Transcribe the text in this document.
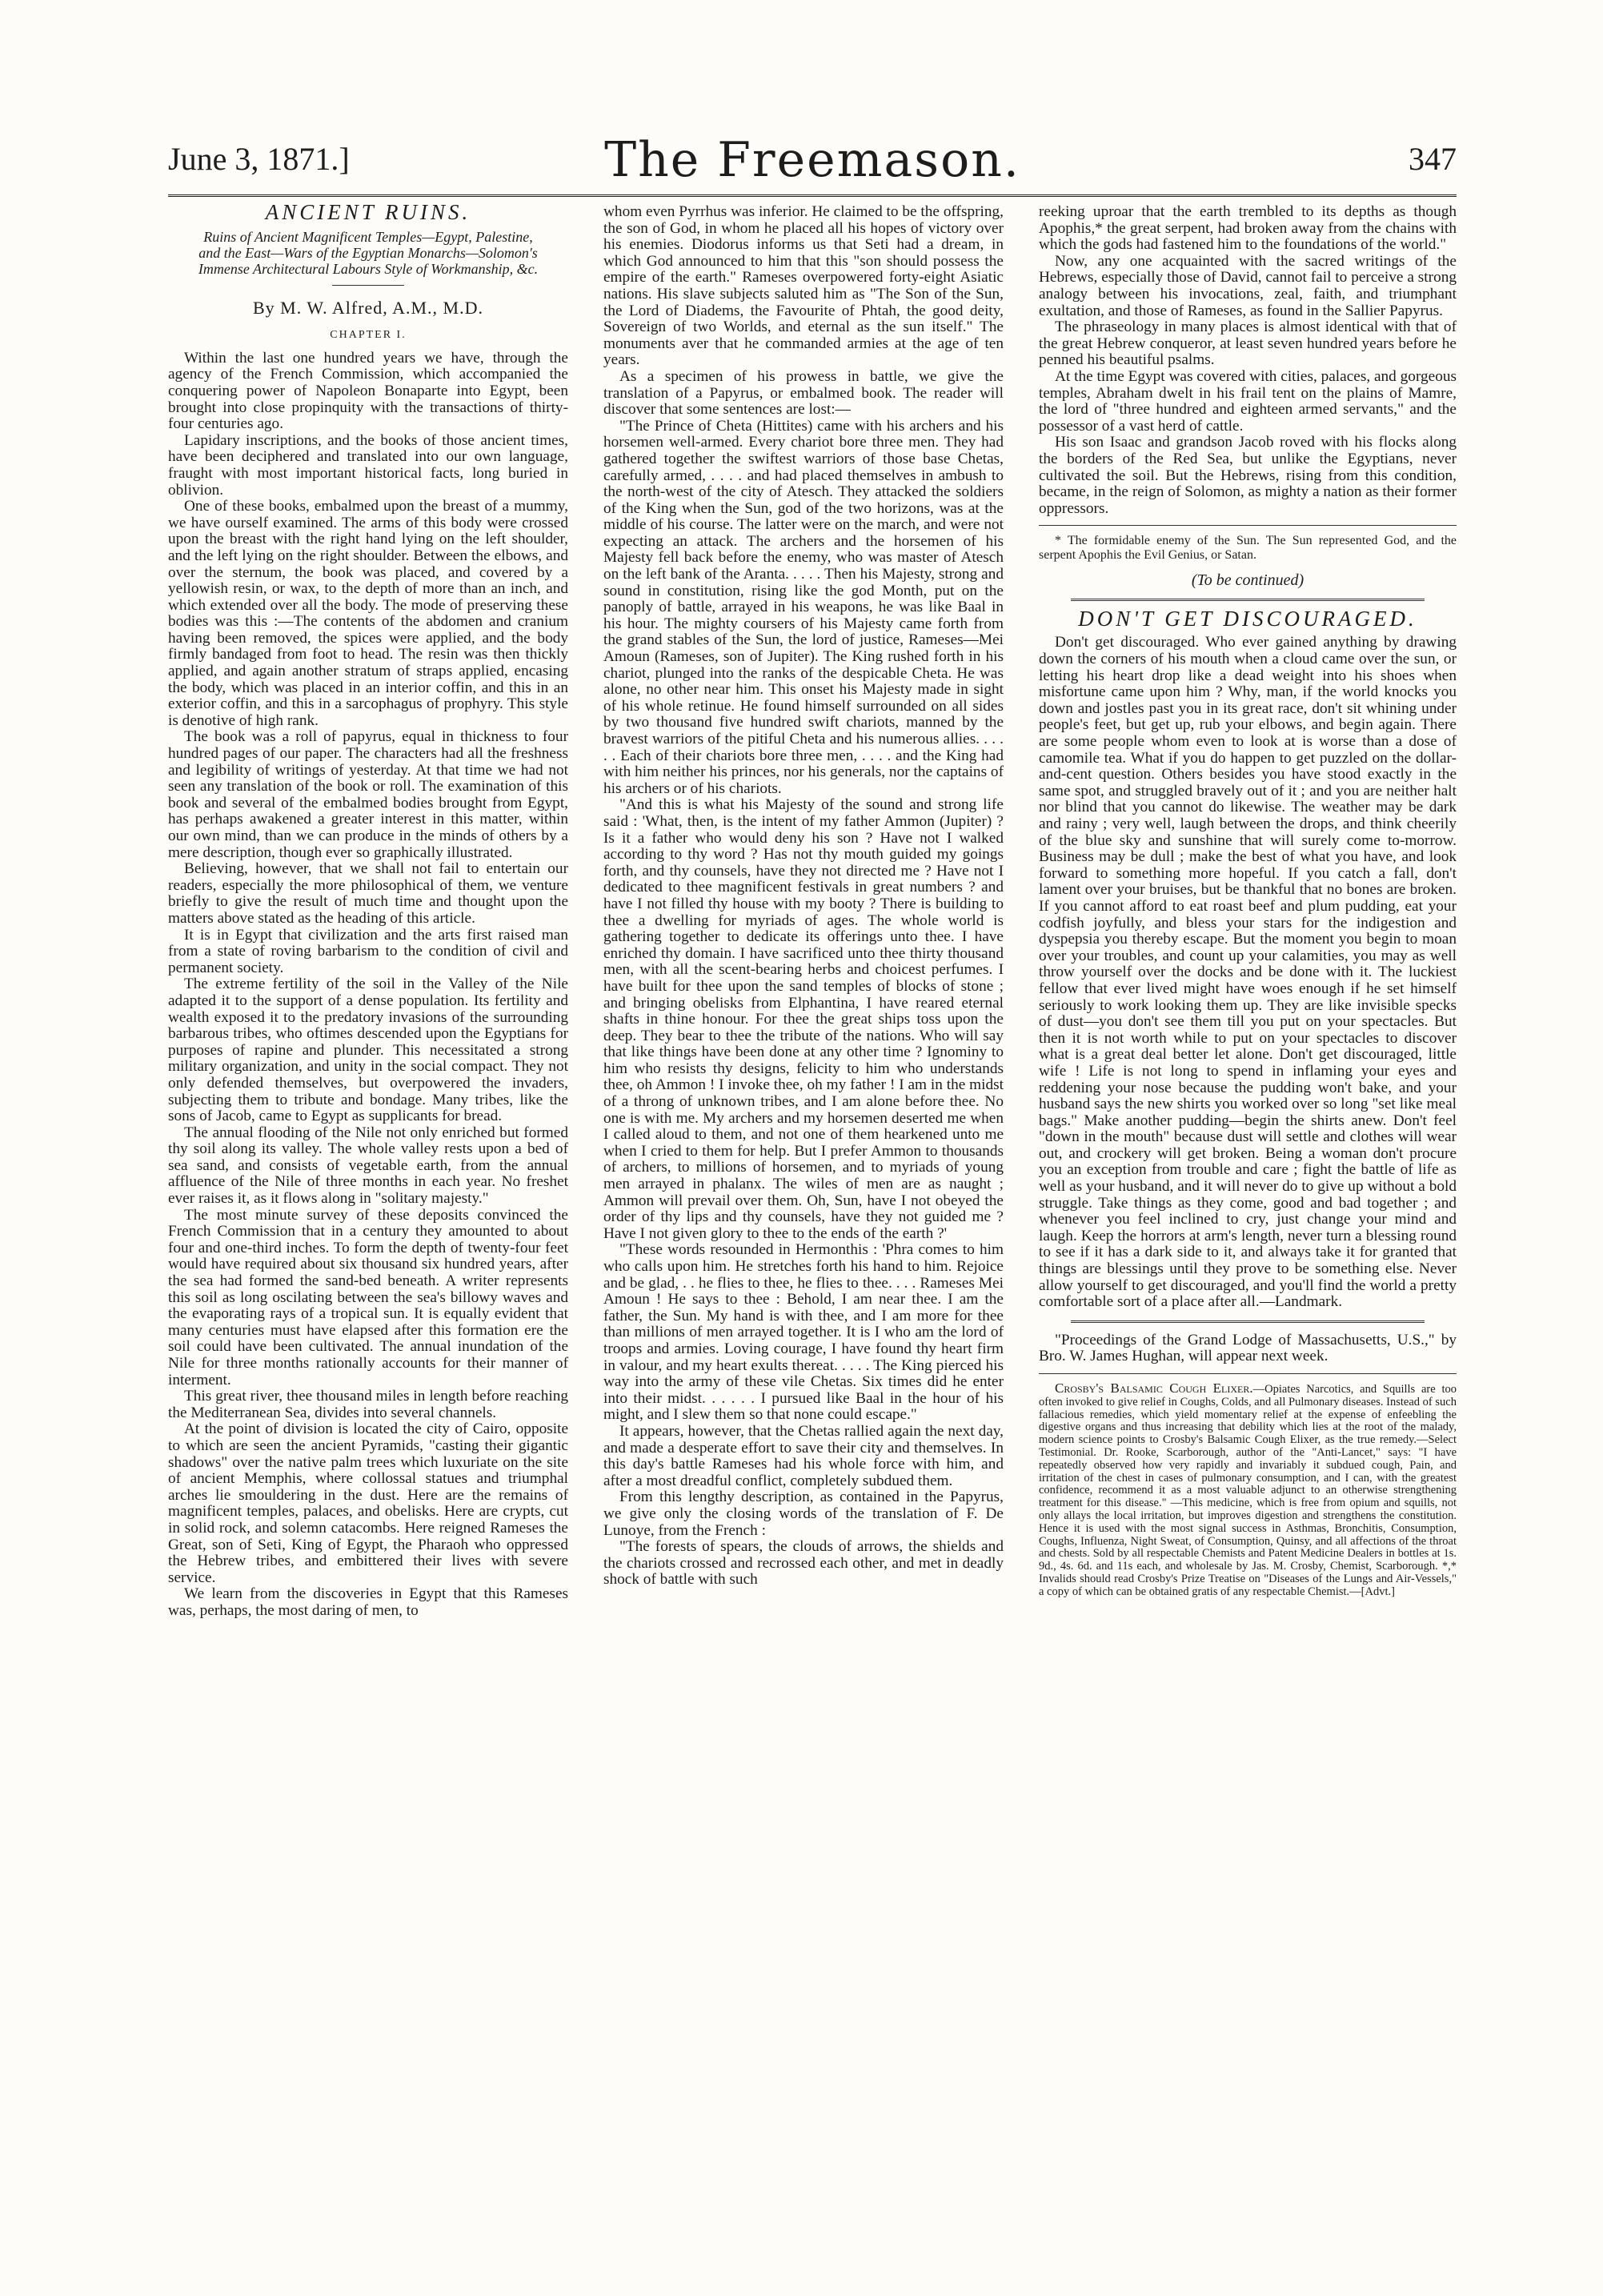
June 3, 1871.]	The Freemason.	347
ANCIENT RUINS.
Ruins of Ancient Magnificent Temples—Egypt, Palestine, and the East—Wars of the Egyptian Monarchs—Solomon's Immense Architectural Labours Style of Workmanship, &c.
By M. W. Alfred, A.M., M.D.
CHAPTER I.

Within the last one hundred years we have, through the agency of the French Commission, which accompanied the conquering power of Napoleon Bonaparte into Egypt, been brought into close propinquity with the transactions of thirty-four centuries ago.

Lapidary inscriptions, and the books of those ancient times, have been deciphered and translated into our own language, fraught with most important historical facts, long buried in oblivion.

One of these books, embalmed upon the breast of a mummy, we have ourself examined. The arms of this body were crossed upon the breast with the right hand lying on the left shoulder, and the left lying on the right shoulder. Between the elbows, and over the sternum, the book was placed, and covered by a yellowish resin, or wax, to the depth of more than an inch, and which extended over all the body. The mode of preserving these bodies was this :—The contents of the abdomen and cranium having been removed, the spices were applied, and the body firmly bandaged from foot to head. The resin was then thickly applied, and again another stratum of straps applied, encasing the body, which was placed in an interior coffin, and this in an exterior coffin, and this in a sarcophagus of prophyry. This style is denotive of high rank.

The book was a roll of papyrus, equal in thickness to four hundred pages of our paper. The characters had all the freshness and legibility of writings of yesterday. At that time we had not seen any translation of the book or roll. The examination of this book and several of the embalmed bodies brought from Egypt, has perhaps awakened a greater interest in this matter, within our own mind, than we can produce in the minds of others by a mere description, though ever so graphically illustrated.

Believing, however, that we shall not fail to entertain our readers, especially the more philosophical of them, we venture briefly to give the result of much time and thought upon the matters above stated as the heading of this article.

It is in Egypt that civilization and the arts first raised man from a state of roving barbarism to the condition of civil and permanent society.

The extreme fertility of the soil in the Valley of the Nile adapted it to the support of a dense population. Its fertility and wealth exposed it to the predatory invasions of the surrounding barbarous tribes, who oftimes descended upon the Egyptians for purposes of rapine and plunder. This necessitated a strong military organization, and unity in the social compact. They not only defended themselves, but overpowered the invaders, subjecting them to tribute and bondage. Many tribes, like the sons of Jacob, came to Egypt as supplicants for bread.

The annual flooding of the Nile not only enriched but formed thy soil along its valley. The whole valley rests upon a bed of sea sand, and consists of vegetable earth, from the annual affluence of the Nile of three months in each year. No freshet ever raises it, as it flows along in "solitary majesty."

The most minute survey of these deposits convinced the French Commission that in a century they amounted to about four and one-third inches. To form the depth of twenty-four feet would have required about six thousand six hundred years, after the sea had formed the sand-bed beneath. A writer represents this soil as long oscilating between the sea's billowy waves and the evaporating rays of a tropical sun. It is equally evident that many centuries must have elapsed after this formation ere the soil could have been cultivated. The annual inundation of the Nile for three months rationally accounts for their manner of interment.

This great river, thee thousand miles in length before reaching the Mediterranean Sea, divides into several channels.

At the point of division is located the city of Cairo, opposite to which are seen the ancient Pyramids, "casting their gigantic shadows" over the native palm trees which luxuriate on the site of ancient Memphis, where collossal statues and triumphal arches lie smouldering in the dust. Here are the remains of magnificent temples, palaces, and obelisks. Here are crypts, cut in solid rock, and solemn catacombs. Here reigned Rameses the Great, son of Seti, King of Egypt, the Pharaoh who oppressed the Hebrew tribes, and embittered their lives with severe service.

We learn from the discoveries in Egypt that this Rameses was, perhaps, the most daring of men, to

whom even Pyrrhus was inferior. He claimed to be the offspring, the son of God, in whom he placed all his hopes of victory over his enemies. Diodorus informs us that Seti had a dream, in which God announced to him that this "son should possess the empire of the earth." Rameses overpowered forty-eight Asiatic nations. His slave subjects saluted him as "The Son of the Sun, the Lord of Diadems, the Favourite of Phtah, the good deity, Sovereign of two Worlds, and eternal as the sun itself." The monuments aver that he commanded armies at the age of ten years.

As a specimen of his prowess in battle, we give the translation of a Papyrus, or embalmed book. The reader will discover that some sentences are lost:—

"The Prince of Cheta (Hittites) came with his archers and his horsemen well-armed. Every chariot bore three men. They had gathered together the swiftest warriors of those base Chetas, carefully armed, . . . . and had placed themselves in ambush to the north-west of the city of Atesch. They attacked the soldiers of the King when the Sun, god of the two horizons, was at the middle of his course. The latter were on the march, and were not expecting an attack. The archers and the horsemen of his Majesty fell back before the enemy, who was master of Atesch on the left bank of the Aranta. . . . . Then his Majesty, strong and sound in constitution, rising like the god Month, put on the panoply of battle, arrayed in his weapons, he was like Baal in his hour. The mighty coursers of his Majesty came forth from the grand stables of the Sun, the lord of justice, Rameses—Mei Amoun (Rameses, son of Jupiter). The King rushed forth in his chariot, plunged into the ranks of the despicable Cheta. He was alone, no other near him. This onset his Majesty made in sight of his whole retinue. He found himself surrounded on all sides by two thousand five hundred swift chariots, manned by the bravest warriors of the pitiful Cheta and his numerous allies. . . . . . Each of their chariots bore three men, . . . . and the King had with him neither his princes, nor his generals, nor the captains of his archers or of his chariots.

"And this is what his Majesty of the sound and strong life said : 'What, then, is the intent of my father Ammon (Jupiter) ? Is it a father who would deny his son ? Have not I walked according to thy word ? Has not thy mouth guided my goings forth, and thy counsels, have they not directed me ? Have not I dedicated to thee magnificent festivals in great numbers ? and have I not filled thy house with my booty ? There is building to thee a dwelling for myriads of ages. The whole world is gathering together to dedicate its offerings unto thee. I have enriched thy domain. I have sacrificed unto thee thirty thousand men, with all the scent-bearing herbs and choicest perfumes. I have built for thee upon the sand temples of blocks of stone ; and bringing obelisks from Elphantina, I have reared eternal shafts in thine honour. For thee the great ships toss upon the deep. They bear to thee the tribute of the nations. Who will say that like things have been done at any other time ? Ignominy to him who resists thy designs, felicity to him who understands thee, oh Ammon ! I invoke thee, oh my father ! I am in the midst of a throng of unknown tribes, and I am alone before thee. No one is with me. My archers and my horsemen deserted me when I called aloud to them, and not one of them hearkened unto me when I cried to them for help. But I prefer Ammon to thousands of archers, to millions of horsemen, and to myriads of young men arrayed in phalanx. The wiles of men are as naught ; Ammon will prevail over them. Oh, Sun, have I not obeyed the order of thy lips and thy counsels, have they not guided me ? Have I not given glory to thee to the ends of the earth ?'

"These words resounded in Hermonthis : 'Phra comes to him who calls upon him. He stretches forth his hand to him. Rejoice and be glad, . . he flies to thee, he flies to thee. . . . Rameses Mei Amoun ! He says to thee : Behold, I am near thee. I am the father, the Sun. My hand is with thee, and I am more for thee than millions of men arrayed together. It is I who am the lord of troops and armies. Loving courage, I have found thy heart firm in valour, and my heart exults thereat. . . . . The King pierced his way into the army of these vile Chetas. Six times did he enter into their midst. . . . . . I pursued like Baal in the hour of his might, and I slew them so that none could escape."

It appears, however, that the Chetas rallied again the next day, and made a desperate effort to save their city and themselves. In this day's battle Rameses had his whole force with him, and after a most dreadful conflict, completely subdued them.

From this lengthy description, as contained in the Papyrus, we give only the closing words of the translation of F. De Lunoye, from the French :

"The forests of spears, the clouds of arrows, the shields and the chariots crossed and recrossed each other, and met in deadly shock of battle with such

reeking uproar that the earth trembled to its depths as though Apophis,* the great serpent, had broken away from the chains with which the gods had fastened him to the foundations of the world."

Now, any one acquainted with the sacred writings of the Hebrews, especially those of David, cannot fail to perceive a strong analogy between his invocations, zeal, faith, and triumphant exultation, and those of Rameses, as found in the Sallier Papyrus.

The phraseology in many places is almost identical with that of the great Hebrew conqueror, at least seven hundred years before he penned his beautiful psalms.

At the time Egypt was covered with cities, palaces, and gorgeous temples, Abraham dwelt in his frail tent on the plains of Mamre, the lord of "three hundred and eighteen armed servants," and the possessor of a vast herd of cattle.

His son Isaac and grandson Jacob roved with his flocks along the borders of the Red Sea, but unlike the Egyptians, never cultivated the soil. But the Hebrews, rising from this condition, became, in the reign of Solomon, as mighty a nation as their former oppressors.

* The formidable enemy of the Sun. The Sun represented God, and the serpent Apophis the Evil Genius, or Satan.
(To be continued)
DON'T GET DISCOURAGED.

Don't get discouraged. Who ever gained anything by drawing down the corners of his mouth when a cloud came over the sun, or letting his heart drop like a dead weight into his shoes when misfortune came upon him ? Why, man, if the world knocks you down and jostles past you in its great race, don't sit whining under people's feet, but get up, rub your elbows, and begin again. There are some people whom even to look at is worse than a dose of camomile tea. What if you do happen to get puzzled on the dollar-and-cent question. Others besides you have stood exactly in the same spot, and struggled bravely out of it ; and you are neither halt nor blind that you cannot do likewise. The weather may be dark and rainy ; very well, laugh between the drops, and think cheerily of the blue sky and sunshine that will surely come to-morrow. Business may be dull ; make the best of what you have, and look forward to something more hopeful. If you catch a fall, don't lament over your bruises, but be thankful that no bones are broken. If you cannot afford to eat roast beef and plum pudding, eat your codfish joyfully, and bless your stars for the indigestion and dyspepsia you thereby escape. But the moment you begin to moan over your troubles, and count up your calamities, you may as well throw yourself over the docks and be done with it. The luckiest fellow that ever lived might have woes enough if he set himself seriously to work looking them up. They are like invisible specks of dust—you don't see them till you put on your spectacles. But then it is not worth while to put on your spectacles to discover what is a great deal better let alone. Don't get discouraged, little wife ! Life is not long to spend in inflaming your eyes and reddening your nose because the pudding won't bake, and your husband says the new shirts you worked over so long "set like meal bags." Make another pudding—begin the shirts anew. Don't feel "down in the mouth" because dust will settle and clothes will wear out, and crockery will get broken. Being a woman don't procure you an exception from trouble and care ; fight the battle of life as well as your husband, and it will never do to give up without a bold struggle. Take things as they come, good and bad together ; and whenever you feel inclined to cry, just change your mind and laugh. Keep the horrors at arm's length, never turn a blessing round to see if it has a dark side to it, and always take it for granted that things are blessings until they prove to be something else. Never allow yourself to get discouraged, and you'll find the world a pretty comfortable sort of a place after all.—Landmark.

"Proceedings of the Grand Lodge of Massachusetts, U.S.," by Bro. W. James Hughan, will appear next week.

Crosby's Balsamic Cough Elixer.—Opiates Narcotics, and Squills are too often invoked to give relief in Coughs, Colds, and all Pulmonary diseases. Instead of such fallacious remedies, which yield momentary relief at the expense of enfeebling the digestive organs and thus increasing that debility which lies at the root of the malady, modern science points to Crosby's Balsamic Cough Elixer, as the true remedy.—Select Testimonial. Dr. Rooke, Scarborough, author of the "Anti-Lancet," says: "I have repeatedly observed how very rapidly and invariably it subdued cough, Pain, and irritation of the chest in cases of pulmonary consumption, and I can, with the greatest confidence, recommend it as a most valuable adjunct to an otherwise strengthening treatment for this disease." —This medicine, which is free from opium and squills, not only allays the local irritation, but improves digestion and strengthens the constitution. Hence it is used with the most signal success in Asthmas, Bronchitis, Consumption, Coughs, Influenza, Night Sweat, of Consumption, Quinsy, and all affections of the throat and chests. Sold by all respectable Chemists and Patent Medicine Dealers in bottles at 1s. 9d., 4s. 6d. and 11s each, and wholesale by Jas. M. Crosby, Chemist, Scarborough. *,* Invalids should read Crosby's Prize Treatise on "Diseases of the Lungs and Air-Vessels," a copy of which can be obtained gratis of any respectable Chemist.—[Advt.]
